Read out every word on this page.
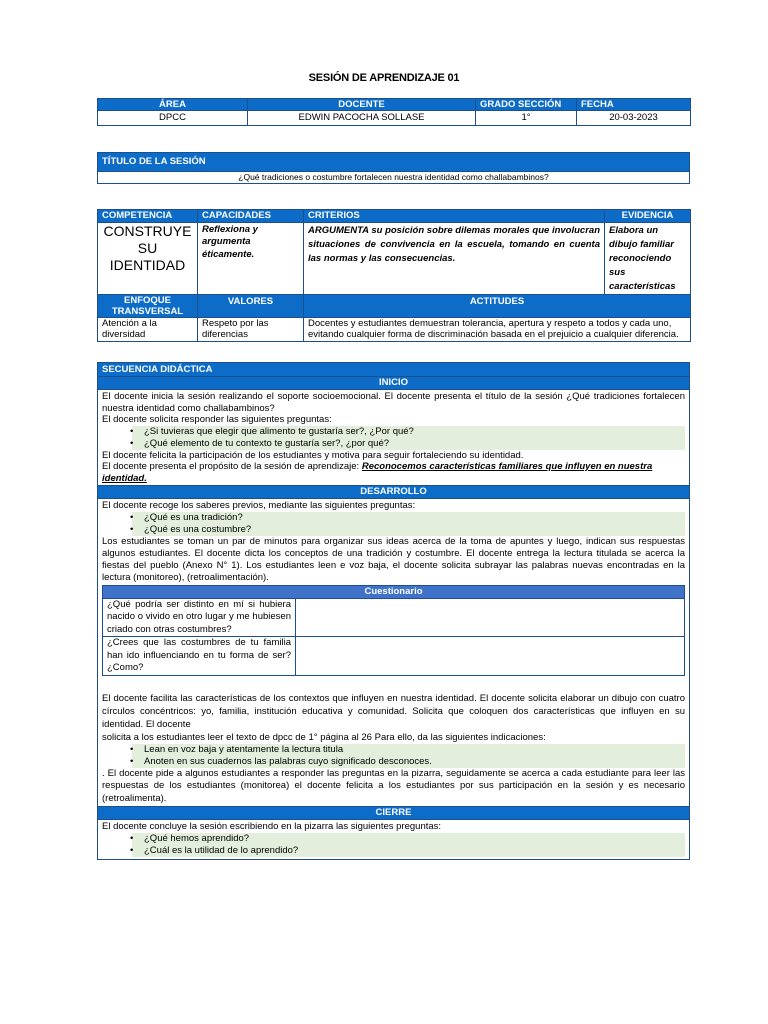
SESIÓN DE APRENDIZAJE 01
ÁREA	DOCENTE	GRADO SECCIÓN	FECHA
DPCC	EDWIN PACOCHA SOLLASE	1°	20-03-2023
TÍTULO DE LA SESIÓN
¿Qué tradiciones o costumbre fortalecen nuestra identidad como challabambinos?
COMPETENCIA	CAPACIDADES	CRITERIOS	EVIDENCIA
CONSTRUYE SU IDENTIDAD	Reflexiona y argumenta éticamente.	ARGUMENTA su posición sobre dilemas morales que involucran situaciones de convivencia en la escuela, tomando en cuenta las normas y las consecuencias.	Elabora un dibujo familiar reconociendo sus características
ENFOQUE TRANSVERSAL	VALORES	ACTITUDES	
Atención a la diversidad	Respeto por las diferencias	Docentes y estudiantes demuestran tolerancia, apertura y respeto a todos y cada uno, evitando cualquier forma de discriminación basada en el prejuicio a cualquier diferencia.	
SECUENCIA DIDÁCTICA
INICIO

El docente inicia la sesión realizando el soporte socioemocional. El docente presenta el título de la sesión ¿Qué tradiciones fortalecen nuestra identidad como challabambinos?
El docente solicita responder las siguientes preguntas:
• ¿Si tuvieras que elegir que alimento te gustaría ser?, ¿Por qué?
• ¿Qué elemento de tu contexto te gustaría ser?, ¿por qué?
El docente felicita la participación de los estudiantes y motiva para seguir fortaleciendo su identidad.
El docente presenta el propósito de la sesión de aprendizaje: Reconocemos características familiares que influyen en nuestra identidad.

DESARROLLO

El docente recoge los saberes previos, mediante las siguientes preguntas:
• ¿Qué es una tradición?
• ¿Qué es una costumbre?
Los estudiantes se toman un par de minutos para organizar sus ideas acerca de la toma de apuntes y luego, indican sus respuestas algunos estudiantes. El docente dicta los conceptos de una tradición y costumbre. El docente entrega la lectura titulada se acerca la fiestas del pueblo (Anexo N° 1). Los estudiantes leen e voz baja, el docente solicita subrayar las palabras nuevas encontradas en la lectura (monitoreo), (retroalimentación).
Cuestionario
¿Qué podría ser distinto en mí si hubiera nacido o vivido en otro lugar y me hubiesen criado con otras costumbres?	
¿Crees que las costumbres de tu familia han ido influenciando en tu forma de ser? ¿Como?	
El docente facilita las características de los contextos que influyen en nuestra identidad. El docente solicita elaborar un dibujo con cuatro círculos concéntricos: yo, familia, institución educativa y comunidad. Solicita que coloquen dos características que influyen en su identidad. El docente
solicita a los estudiantes leer el texto de dpcc de 1° página al 26 Para ello, da las siguientes indicaciones:
• Lean en voz baja y atentamente la lectura titula
• Anoten en sus cuadernos las palabras cuyo significado desconoces.
. El docente pide a algunos estudiantes a responder las preguntas en la pizarra, seguidamente se acerca a cada estudiante para leer las respuestas de los estudiantes (monitorea) el docente felicita a los estudiantes por sus participación en la sesión y es necesario (retroalimenta).

CIERRE

El docente concluye la sesión escribiendo en la pizarra las siguientes preguntas:
• ¿Qué hemos aprendido?
• ¿Cuál es la utilidad de lo aprendido?
